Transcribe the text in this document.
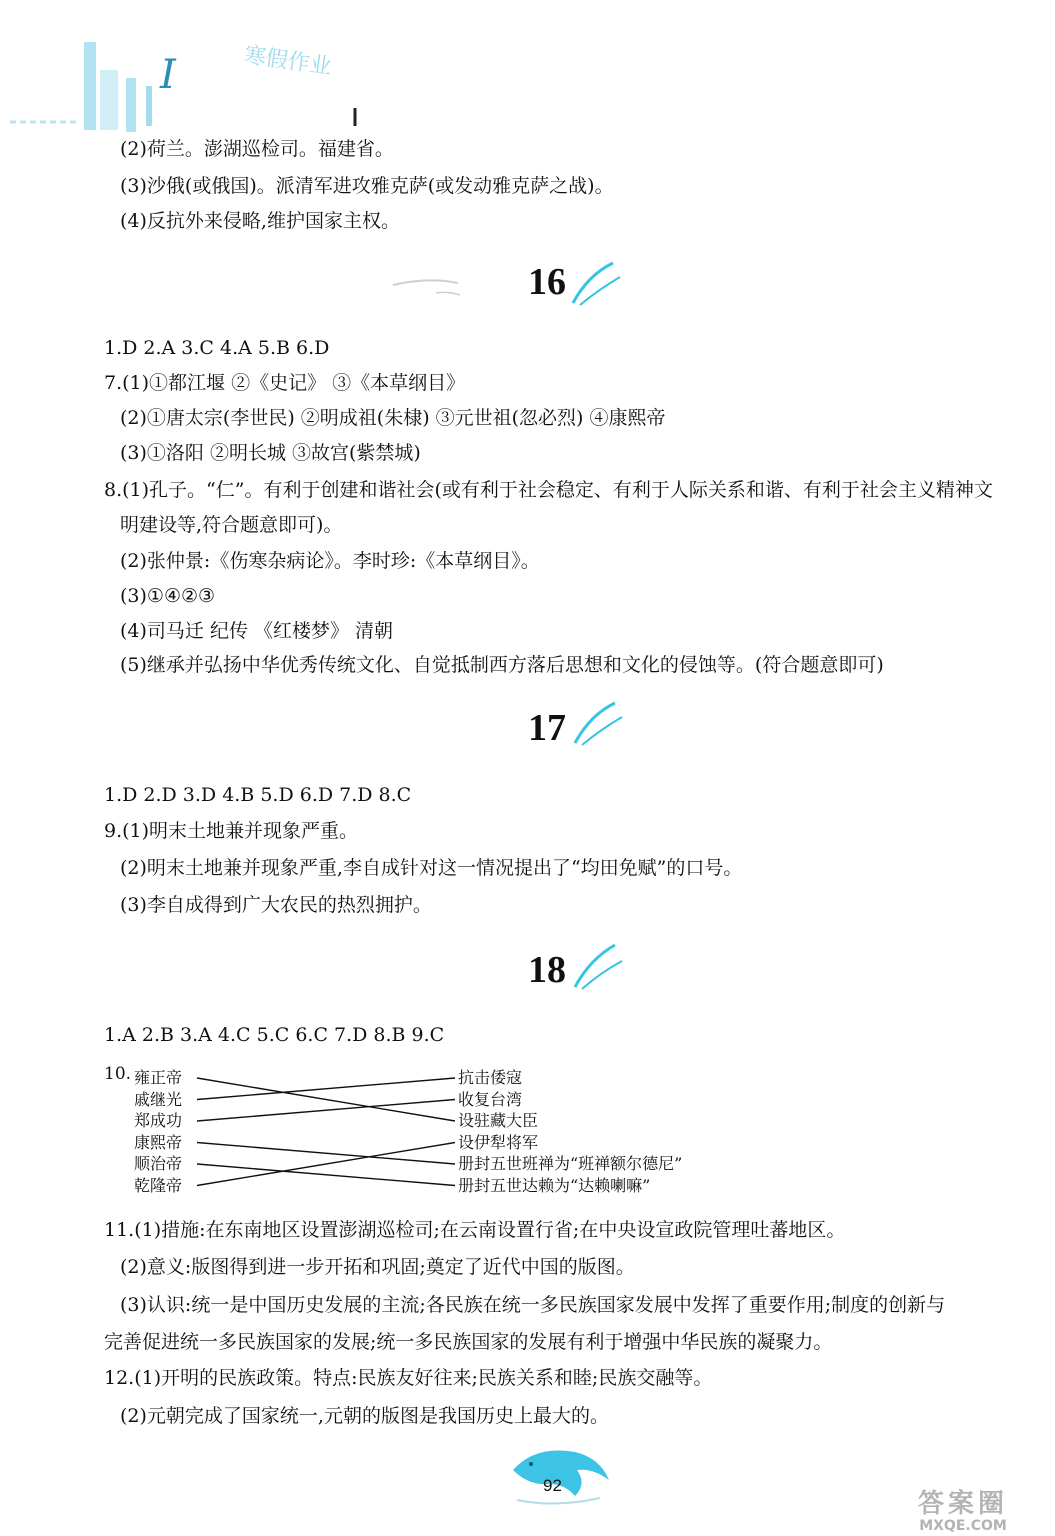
I	寒假作业
(2)荷兰。澎湖巡检司。福建省。
(3)沙俄(或俄国)。派清军进攻雅克萨(或发动雅克萨之战)。
(4)反抗外来侵略,维护国家主权。
16
1.D 2.A 3.C 4.A 5.B 6.D
7.(1)①都江堰 ②《史记》 ③《本草纲目》
(2)①唐太宗(李世民) ②明成祖(朱棣) ③元世祖(忽必烈) ④康熙帝
(3)①洛阳 ②明长城 ③故宫(紫禁城)
8.(1)孔子。“仁”。有利于创建和谐社会(或有利于社会稳定、有利于人际关系和谐、有利于社会主义精神文
明建设等,符合题意即可)。
(2)张仲景:《伤寒杂病论》。李时珍:《本草纲目》。
(3)①④②③
(4)司马迁 纪传 《红楼梦》 清朝
(5)继承并弘扬中华优秀传统文化、自觉抵制西方落后思想和文化的侵蚀等。(符合题意即可)
17
1.D 2.D 3.D 4.B 5.D 6.D 7.D 8.C
9.(1)明末土地兼并现象严重。
(2)明末土地兼并现象严重,李自成针对这一情况提出了“均田免赋”的口号。
(3)李自成得到广大农民的热烈拥护。
18
1.A 2.B 3.A 4.C 5.C 6.C 7.D 8.B 9.C
10. 雍正帝
戚继光
郑成功
康熙帝
顺治帝
乾隆帝
抗击倭寇
收复台湾
设驻藏大臣
设伊犁将军
册封五世班禅为“班禅额尔德尼”
册封五世达赖为“达赖喇嘛”
11.(1)措施:在东南地区设置澎湖巡检司;在云南设置行省;在中央设宣政院管理吐蕃地区。
(2)意义:版图得到进一步开拓和巩固;奠定了近代中国的版图。
(3)认识:统一是中国历史发展的主流;各民族在统一多民族国家发展中发挥了重要作用;制度的创新与
完善促进统一多民族国家的发展;统一多民族国家的发展有利于增强中华民族的凝聚力。
12.(1)开明的民族政策。特点:民族友好往来;民族关系和睦;民族交融等。
(2)元朝完成了国家统一,元朝的版图是我国历史上最大的。
92
答案圈
MXQE.COM
